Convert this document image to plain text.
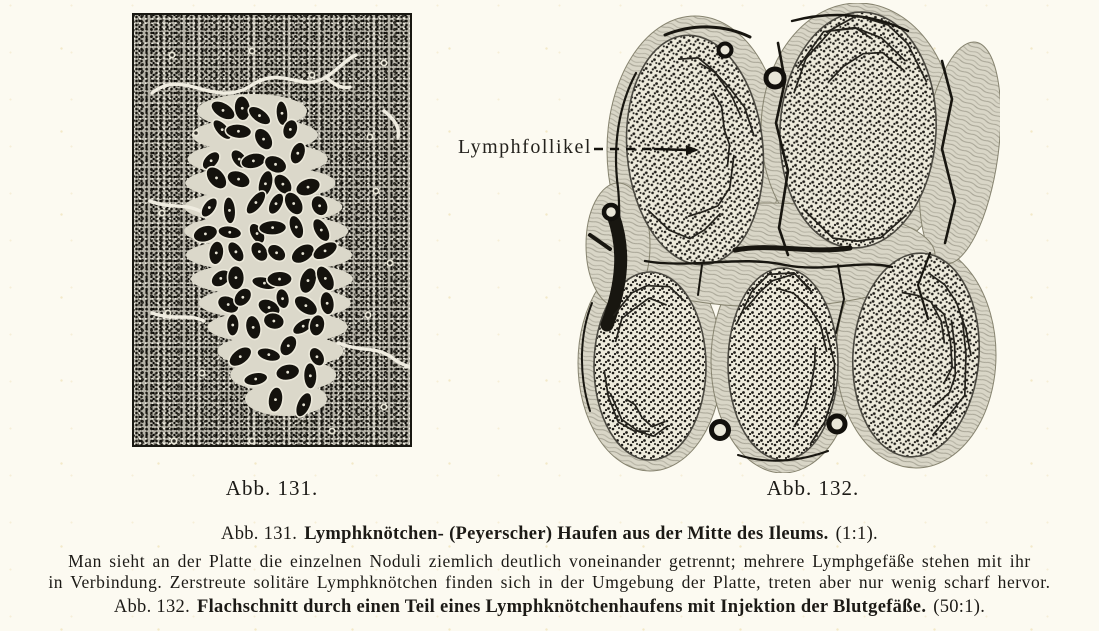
Lymphfollikel
Abb. 131.	Abb. 132.
Abb. 131. Lymphknötchen- (Peyerscher) Haufen aus der Mitte des Ileums. (1:1).
Man sieht an der Platte die einzelnen Noduli ziemlich deutlich voneinander getrennt; mehrere Lymphgefäße stehen mit ihr
in Verbindung. Zerstreute solitäre Lymphknötchen finden sich in der Umgebung der Platte, treten aber nur wenig scharf hervor.
Abb. 132. Flachschnitt durch einen Teil eines Lymphknötchenhaufens mit Injektion der Blutgefäße. (50:1).
